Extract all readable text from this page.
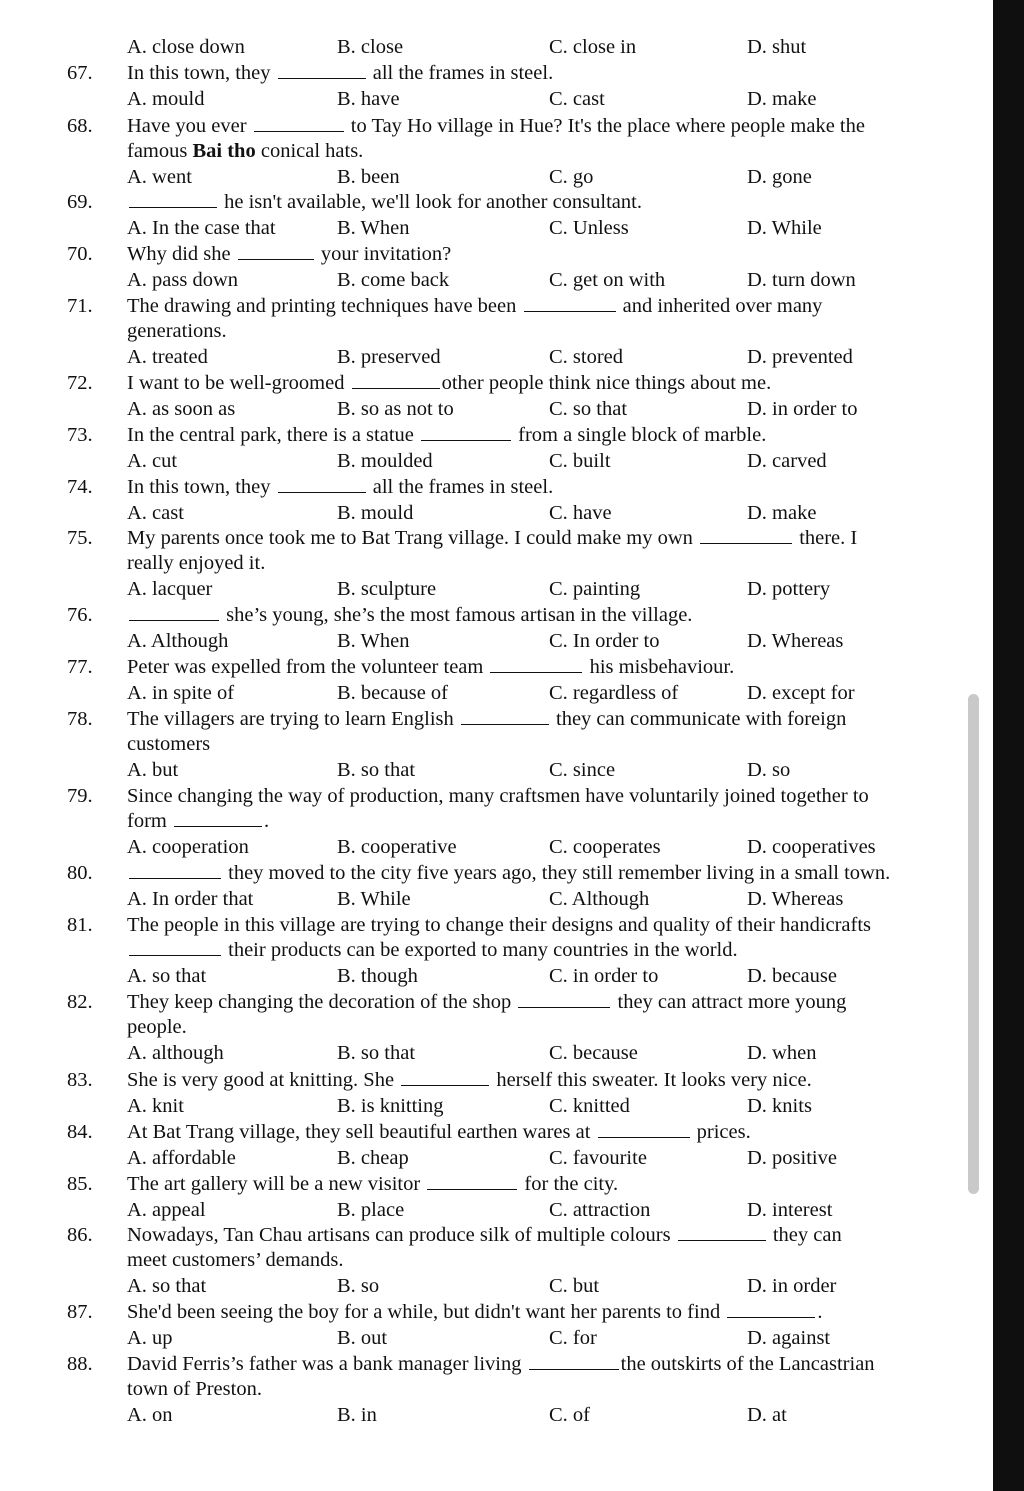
A. close down	B. close	C. close in	D. shut
67. In this town, they	all the frames in steel.
A. mould	B. have	C. cast	D. make
68. Have you ever	to Tay Ho village in Hue? It's the place where people make the
famous Bai tho conical hats.
A. went	B. been	C. go	D. gone
69.	he isn't available, we'll look for another consultant.
A. In the case that	B. When	C. Unless	D. While
70. Why did she	your invitation?
A. pass down	B. come back	C. get on with	D. turn down
71. The drawing and printing techniques have been	and inherited over many
generations.
A. treated	B. preserved	C. stored	D. prevented
72. I want to be well-groomed	other people think nice things about me.
A. as soon as	B. so as not to	C. so that	D. in order to
73. In the central park, there is a statue	from a single block of marble.
A. cut	B. moulded	C. built	D. carved
74. In this town, they	all the frames in steel.
A. cast	B. mould	C. have	D. make
75. My parents once took me to Bat Trang village. I could make my own	there. I
really enjoyed it.
A. lacquer	B. sculpture	C. painting	D. pottery
76.	she’s young, she’s the most famous artisan in the village.
A. Although	B. When	C. In order to	D. Whereas
77. Peter was expelled from the volunteer team	his misbehaviour.
A. in spite of	B. because of	C. regardless of	D. except for
78. The villagers are trying to learn English	they can communicate with foreign
customers
A. but	B. so that	C. since	D. so
79. Since changing the way of production, many craftsmen have voluntarily joined together to
form	.
A. cooperation	B. cooperative	C. cooperates	D. cooperatives
80.	they moved to the city five years ago, they still remember living in a small town.
A. In order that	B. While	C. Although	D. Whereas
81. The people in this village are trying to change their designs and quality of their handicrafts
their products can be exported to many countries in the world.
A. so that	B. though	C. in order to	D. because
82. They keep changing the decoration of the shop	they can attract more young
people.
A. although	B. so that	C. because	D. when
83. She is very good at knitting. She	herself this sweater. It looks very nice.
A. knit	B. is knitting	C. knitted	D. knits
84. At Bat Trang village, they sell beautiful earthen wares at	prices.
A. affordable	B. cheap	C. favourite	D. positive
85. The art gallery will be a new visitor	for the city.
A. appeal	B. place	C. attraction	D. interest
86. Nowadays, Tan Chau artisans can produce silk of multiple colours	they can
meet customers’ demands.
A. so that	B. so	C. but	D. in order
87. She'd been seeing the boy for a while, but didn't want her parents to find	.
A. up	B. out	C. for	D. against
88. David Ferris’s father was a bank manager living	the outskirts of the Lancastrian
town of Preston.
A. on	B. in	C. of	D. at
